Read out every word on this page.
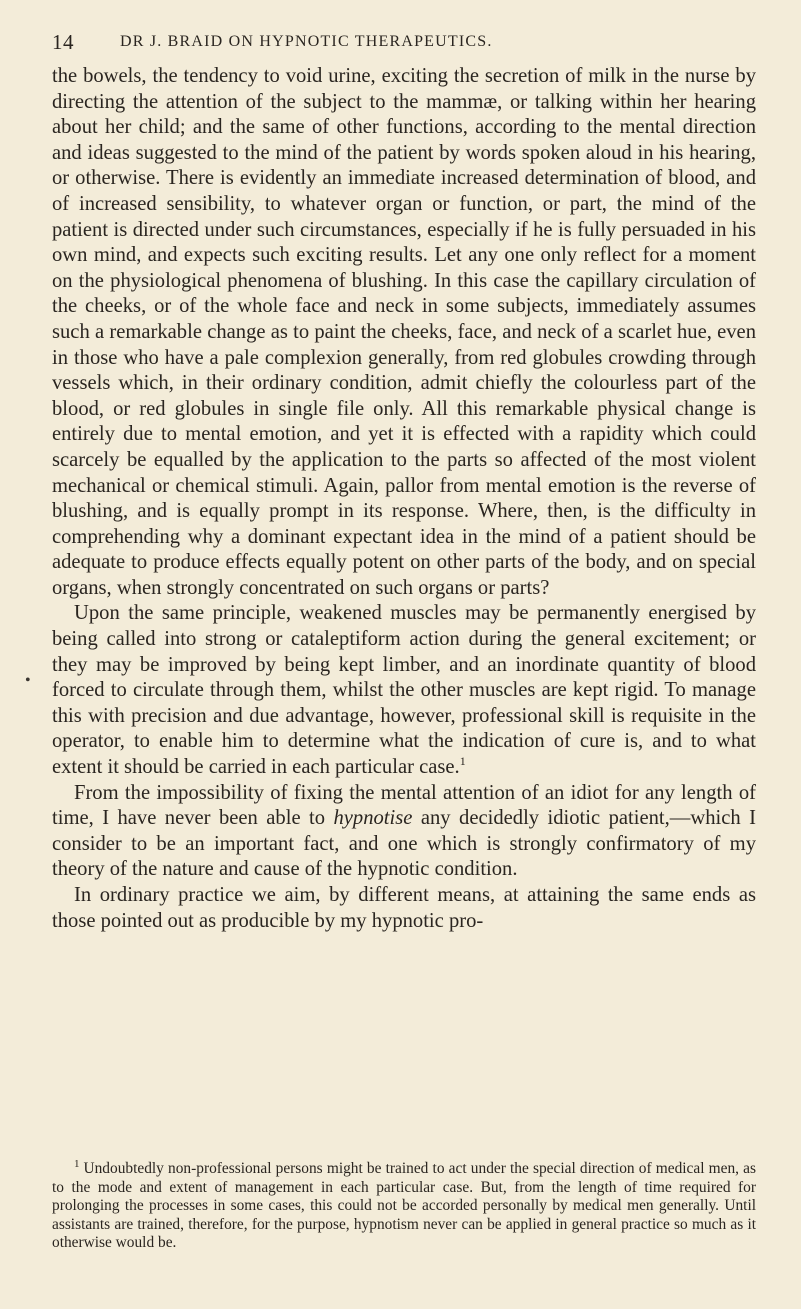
14	DR J. BRAID ON HYPNOTIC THERAPEUTICS.
•

the bowels, the tendency to void urine, exciting the secretion of milk in the nurse by directing the attention of the subject to the mammæ, or talking within her hearing about her child; and the same of other functions, according to the mental direction and ideas suggested to the mind of the patient by words spoken aloud in his hearing, or otherwise. There is evidently an immediate increased determination of blood, and of increased sensibility, to whatever organ or function, or part, the mind of the patient is directed under such circumstances, especially if he is fully persuaded in his own mind, and expects such exciting results. Let any one only reflect for a moment on the physiological phenomena of blushing. In this case the capillary circulation of the cheeks, or of the whole face and neck in some subjects, immediately assumes such a remarkable change as to paint the cheeks, face, and neck of a scarlet hue, even in those who have a pale complexion generally, from red globules crowding through vessels which, in their ordinary condition, admit chiefly the colourless part of the blood, or red globules in single file only. All this remarkable physical change is entirely due to mental emotion, and yet it is effected with a rapidity which could scarcely be equalled by the application to the parts so affected of the most violent mechanical or chemical stimuli. Again, pallor from mental emotion is the reverse of blushing, and is equally prompt in its response. Where, then, is the difficulty in comprehending why a dominant expectant idea in the mind of a patient should be adequate to produce effects equally potent on other parts of the body, and on special organs, when strongly concentrated on such organs or parts?

Upon the same principle, weakened muscles may be permanently energised by being called into strong or cataleptiform action during the general excitement; or they may be improved by being kept limber, and an inordinate quantity of blood forced to circulate through them, whilst the other muscles are kept rigid. To manage this with precision and due advantage, however, professional skill is requisite in the operator, to enable him to determine what the indication of cure is, and to what extent it should be carried in each particular case.$^1$

From the impossibility of fixing the mental attention of an idiot for any length of time, I have never been able to hypnotise any decidedly idiotic patient,—which I consider to be an important fact, and one which is strongly confirmatory of my theory of the nature and cause of the hypnotic condition.

In ordinary practice we aim, by different means, at attaining the same ends as those pointed out as producible by my hypnotic pro-

$^1$ Undoubtedly non-professional persons might be trained to act under the special direction of medical men, as to the mode and extent of management in each particular case. But, from the length of time required for prolonging the processes in some cases, this could not be accorded personally by medical men generally. Until assistants are trained, therefore, for the purpose, hypnotism never can be applied in general practice so much as it otherwise would be.
